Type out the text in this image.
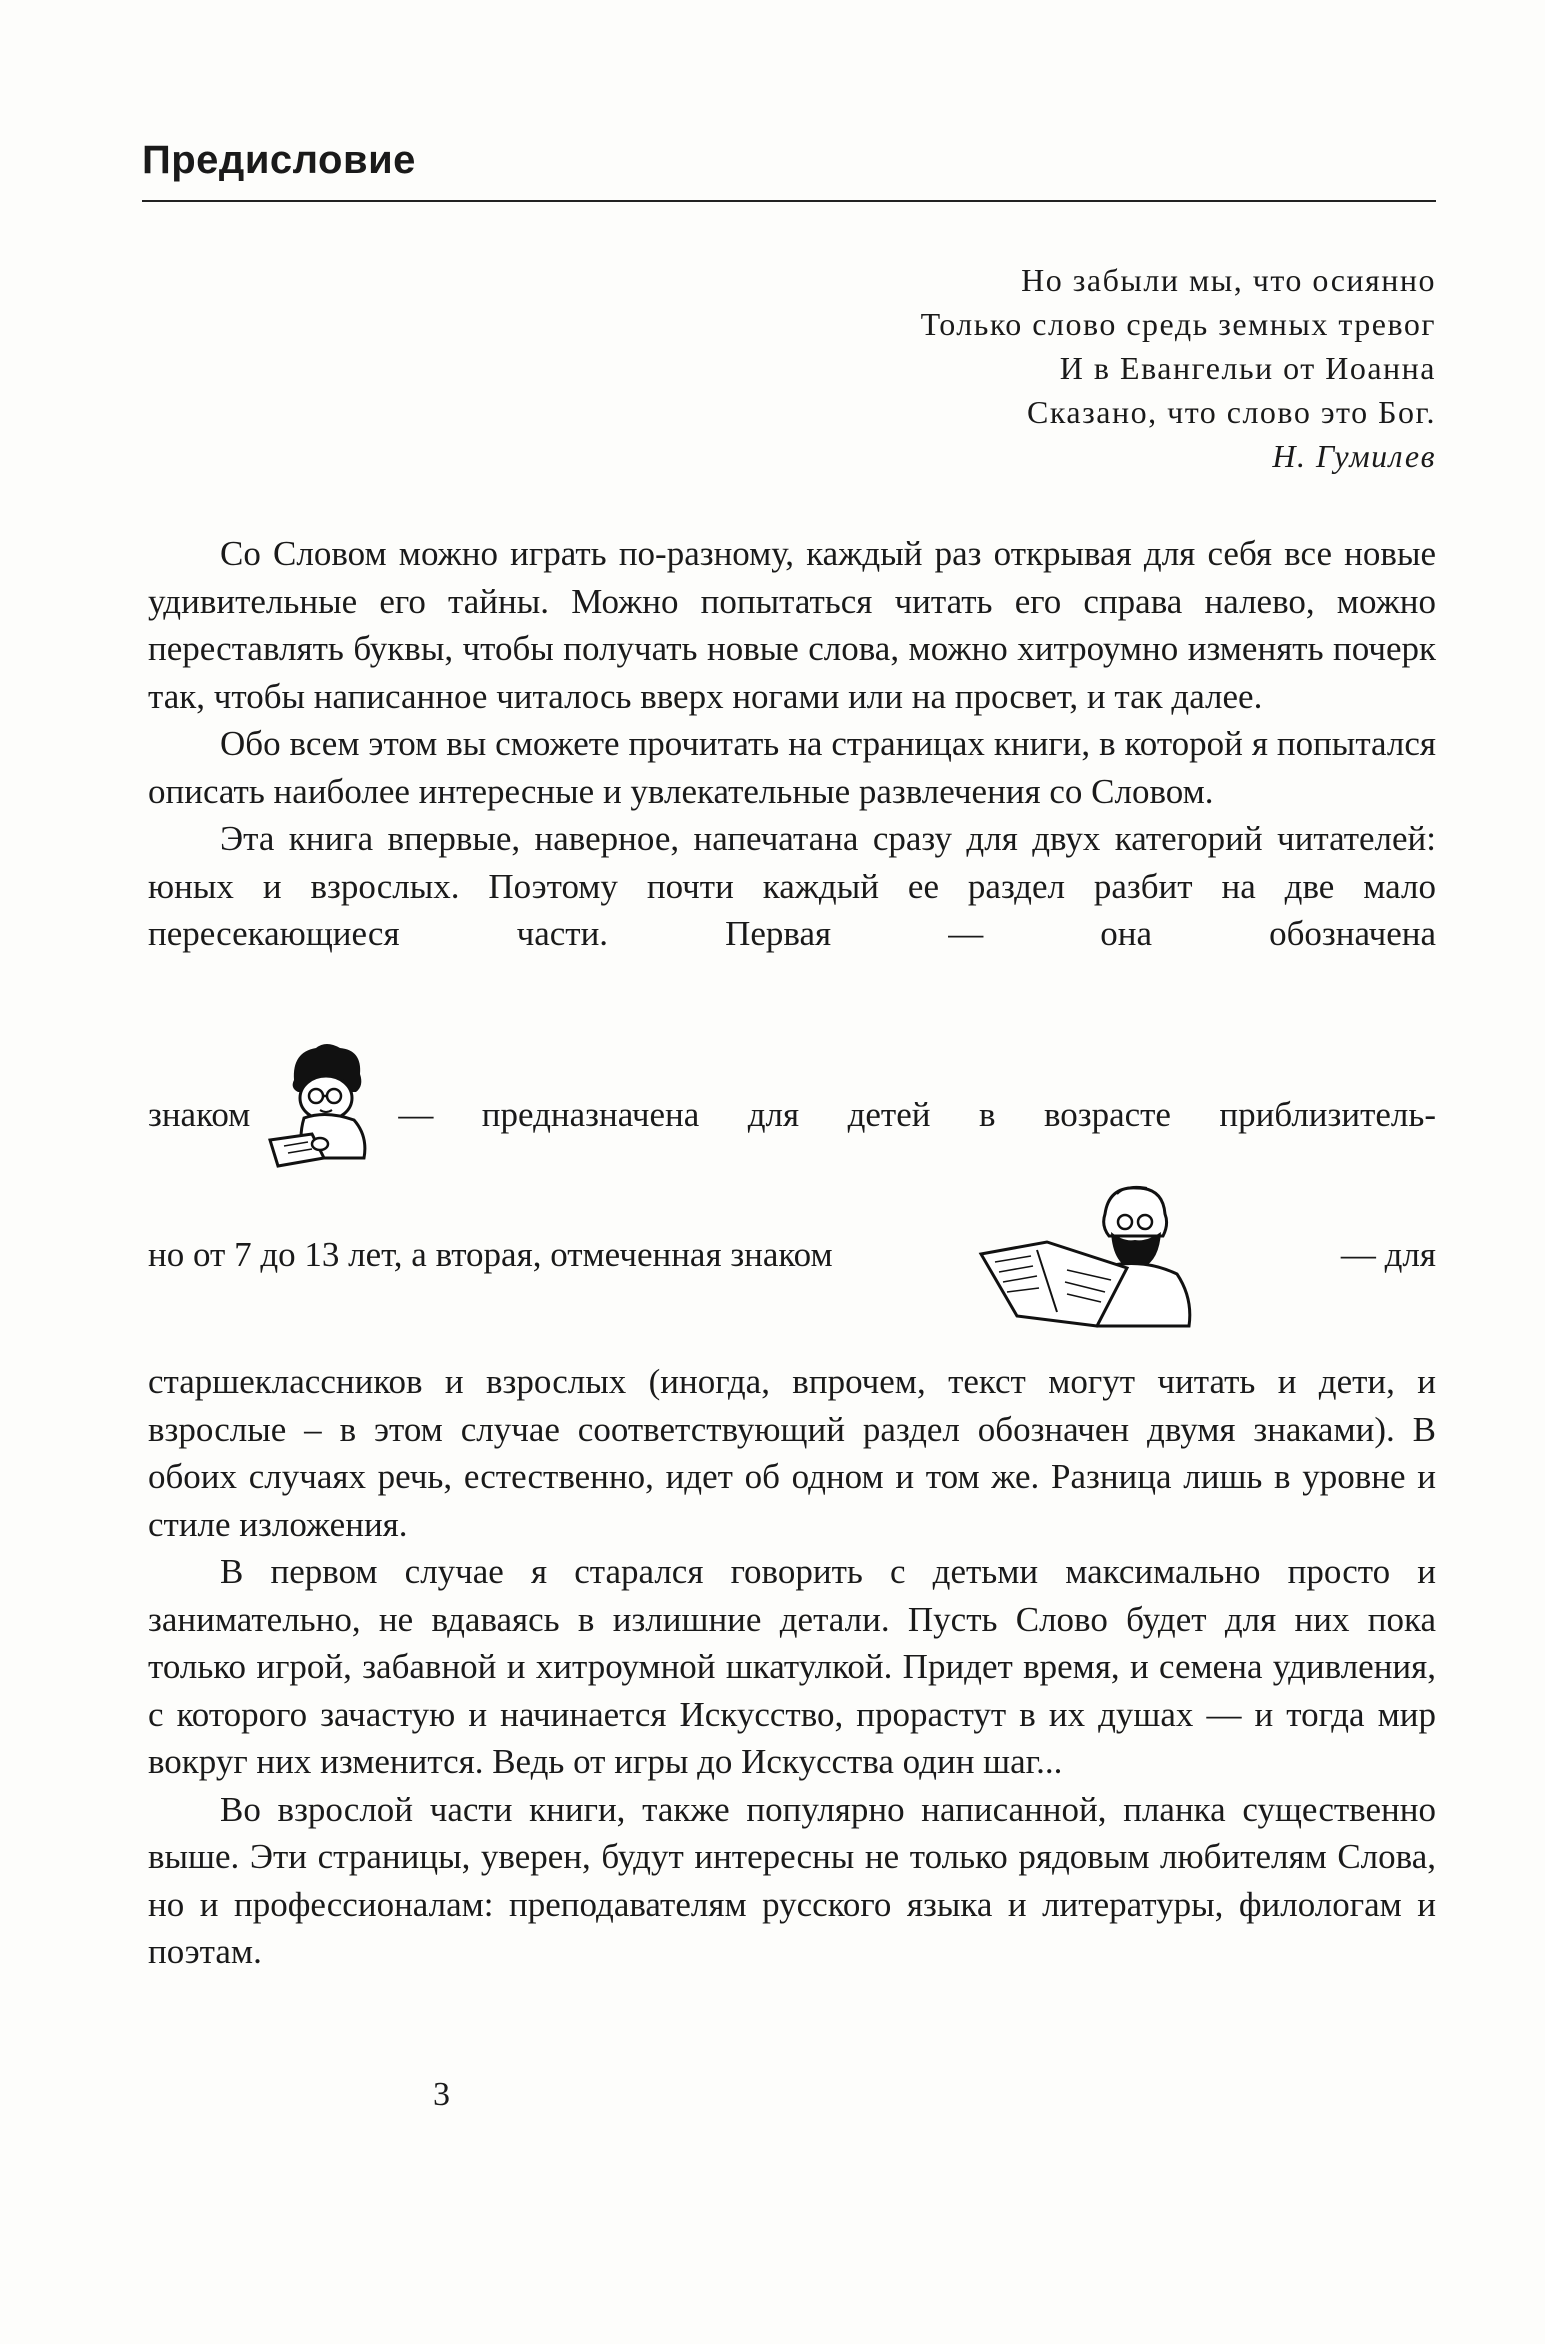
Предисловие
Но забыли мы, что осиянно
Только слово средь земных тревог
И в Евангельи от Иоанна
Сказано, что слово это Бог.
Н. Гумилев

Со Словом можно играть по-разному, каждый раз открывая для себя все новые удивительные его тайны. Можно попытаться читать его справа налево, можно переставлять буквы, чтобы получать новые слова, можно хитроумно изменять почерк так, чтобы написанное читалось вверх ногами или на просвет, и так далее.

Обо всем этом вы сможете прочитать на страницах книги, в которой я попытался описать наиболее интересные и увлекательные развлечения со Словом.

Эта книга впервые, наверное, напечатана сразу для двух категорий читателей: юных и взрослых. Поэтому почти каждый ее раздел разбит на две мало пересекающиеся части. Первая — она обозначена

знаком	— предназначена для детей в возрасте приблизитель-
но от 7 до 13 лет, а вторая, отмеченная знаком	— для

старшеклассников и взрослых (иногда, впрочем, текст могут читать и дети, и взрослые – в этом случае соответствующий раздел обозначен двумя знаками). В обоих случаях речь, естественно, идет об одном и том же. Разница лишь в уровне и стиле изложения.

В первом случае я старался говорить с детьми максимально просто и занимательно, не вдаваясь в излишние детали. Пусть Слово будет для них пока только игрой, забавной и хитроумной шкатулкой. Придет время, и семена удивления, с которого зачастую и начинается Искусство, прорастут в их душах — и тогда мир вокруг них изменится. Ведь от игры до Искусства один шаг...

Во взрослой части книги, также популярно написанной, планка существенно выше. Эти страницы, уверен, будут интересны не только рядовым любителям Слова, но и профессионалам: преподавателям русского языка и литературы, филологам и поэтам.

3
